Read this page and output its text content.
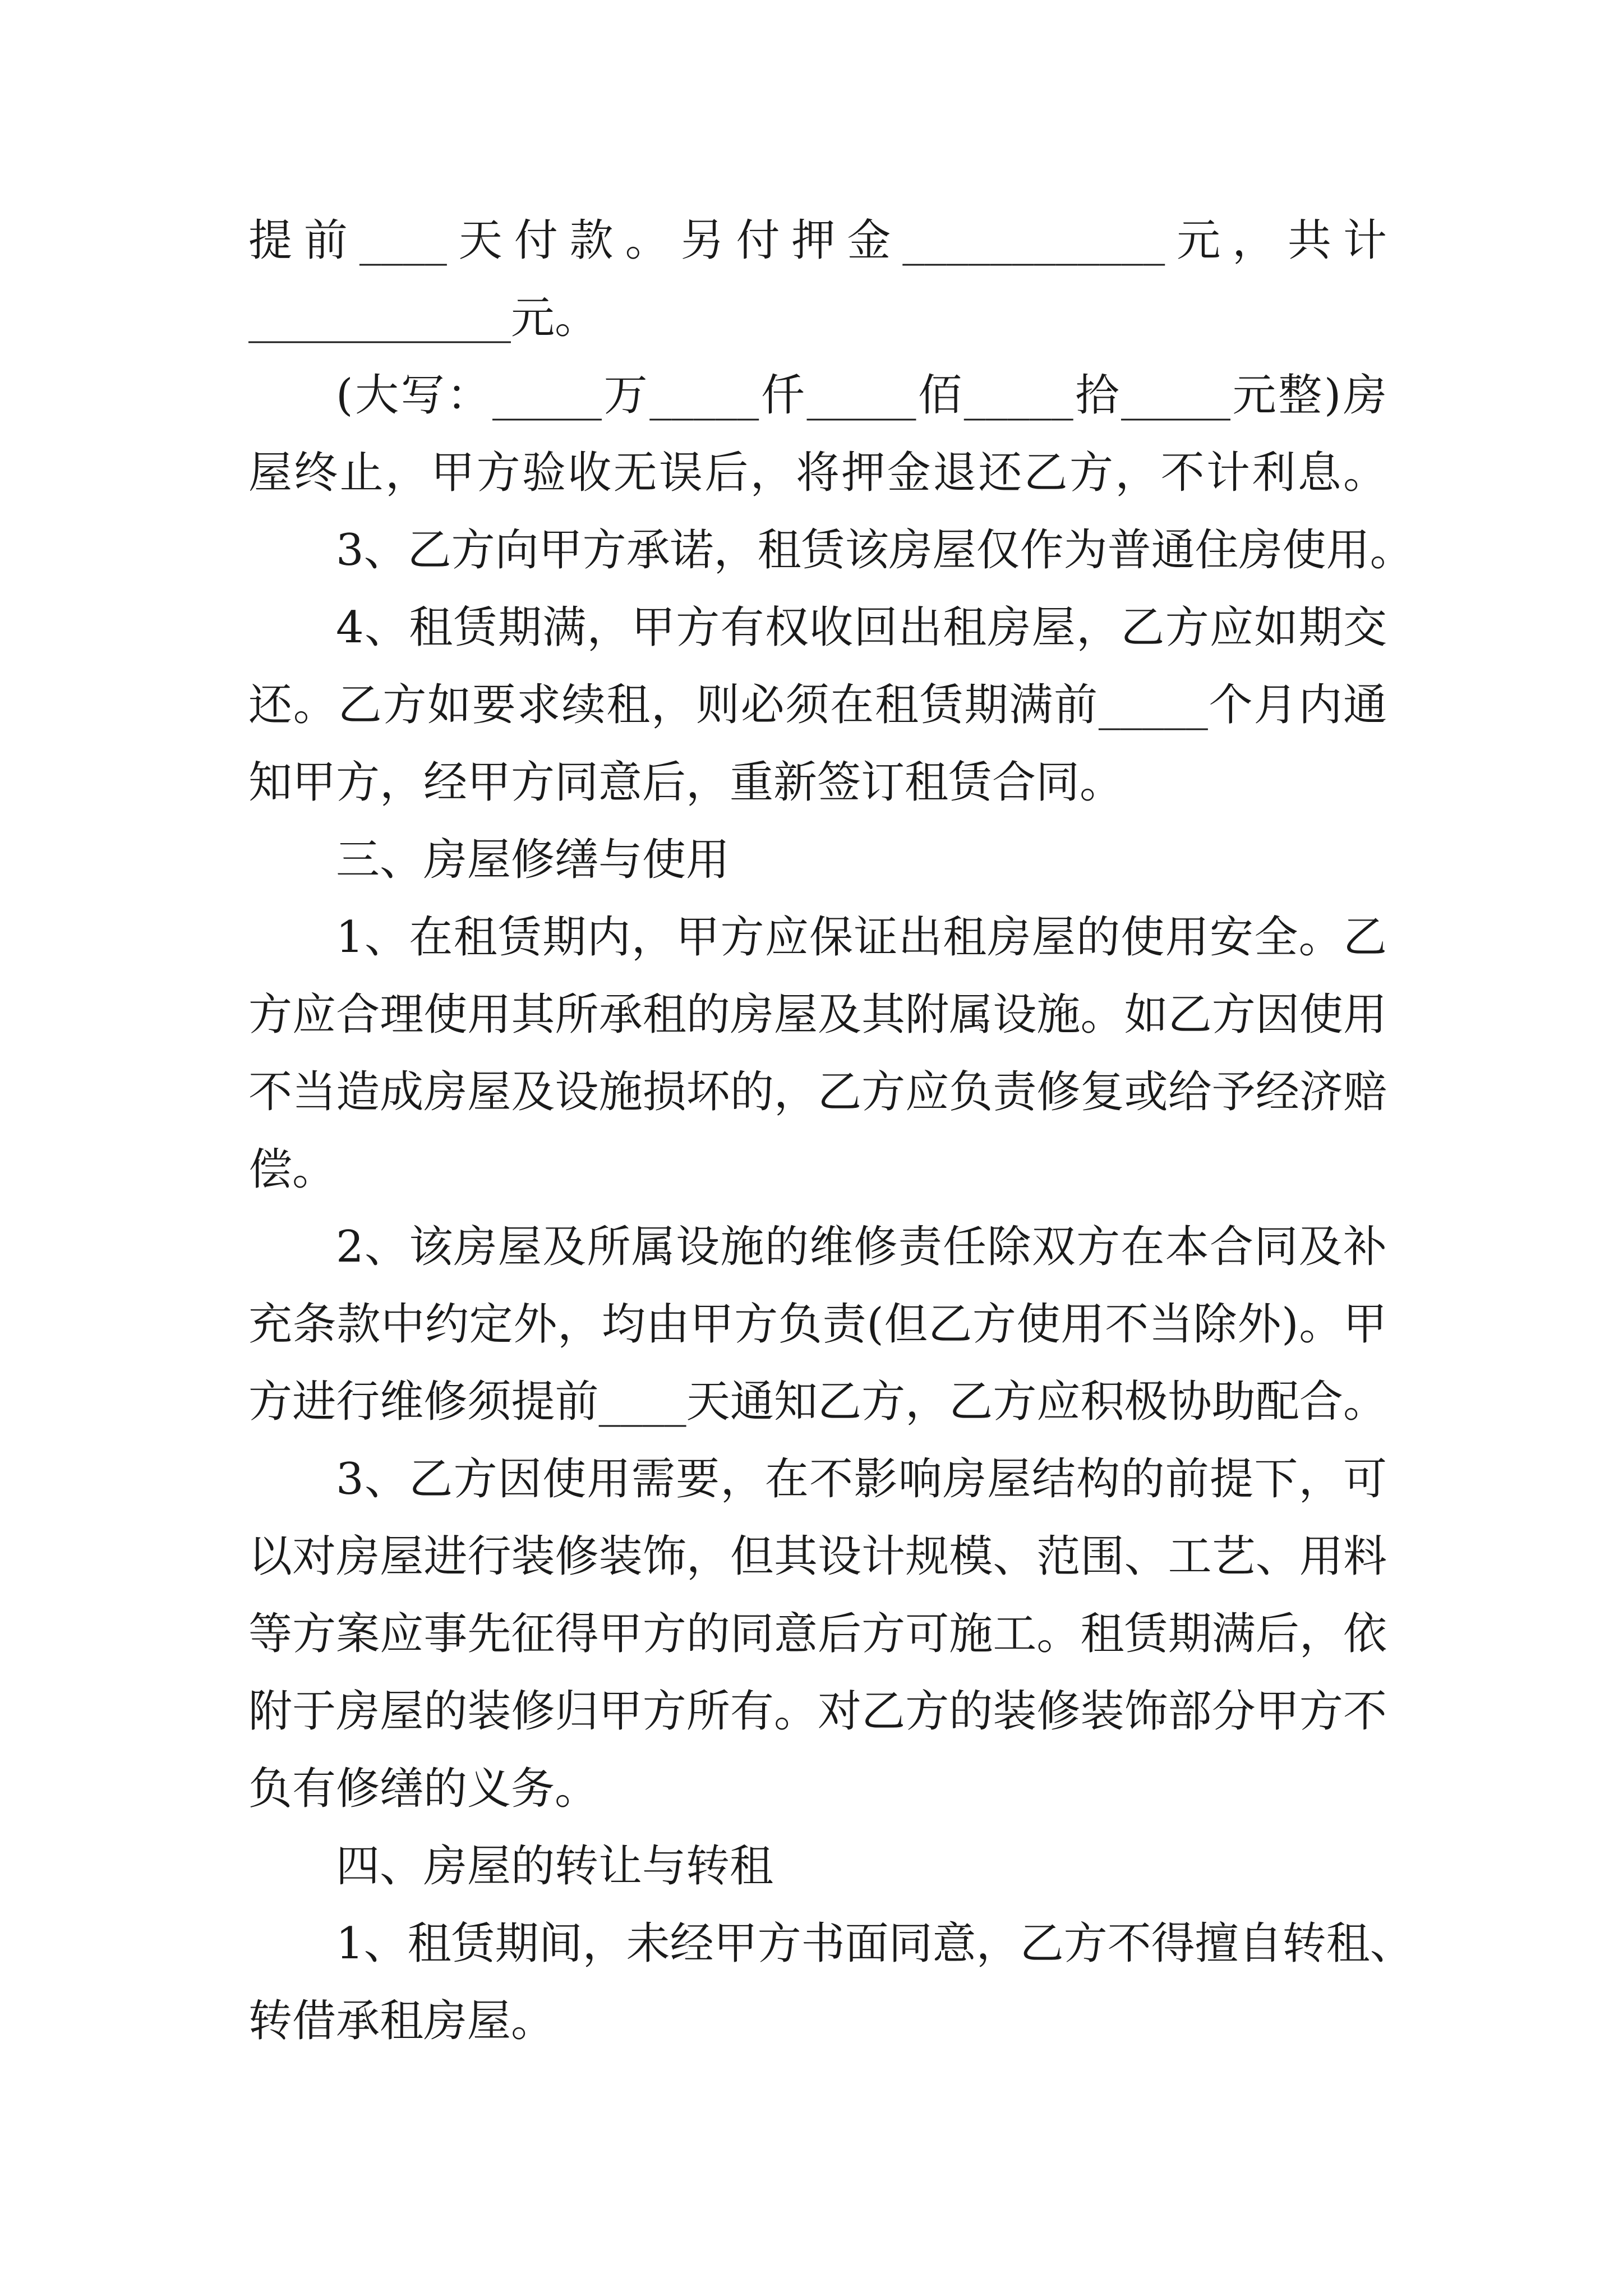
提前____天付款。另付押金____________元，共计
____________元。
(大写：_____万_____仟_____佰_____拾_____元整)房
屋终止，甲方验收无误后，将押金退还乙方，不计利息。
3、乙方向甲方承诺，租赁该房屋仅作为普通住房使用。
4、租赁期满，甲方有权收回出租房屋，乙方应如期交
还。乙方如要求续租，则必须在租赁期满前_____个月内通
知甲方，经甲方同意后，重新签订租赁合同。
三、房屋修缮与使用
1、在租赁期内，甲方应保证出租房屋的使用安全。乙
方应合理使用其所承租的房屋及其附属设施。如乙方因使用
不当造成房屋及设施损坏的，乙方应负责修复或给予经济赔
偿。
2、该房屋及所属设施的维修责任除双方在本合同及补
充条款中约定外，均由甲方负责(但乙方使用不当除外)。甲
方进行维修须提前____天通知乙方，乙方应积极协助配合。
3、乙方因使用需要，在不影响房屋结构的前提下，可
以对房屋进行装修装饰，但其设计规模、范围、工艺、用料
等方案应事先征得甲方的同意后方可施工。租赁期满后，依
附于房屋的装修归甲方所有。对乙方的装修装饰部分甲方不
负有修缮的义务。
四、房屋的转让与转租
1、租赁期间，未经甲方书面同意，乙方不得擅自转租、
转借承租房屋。
